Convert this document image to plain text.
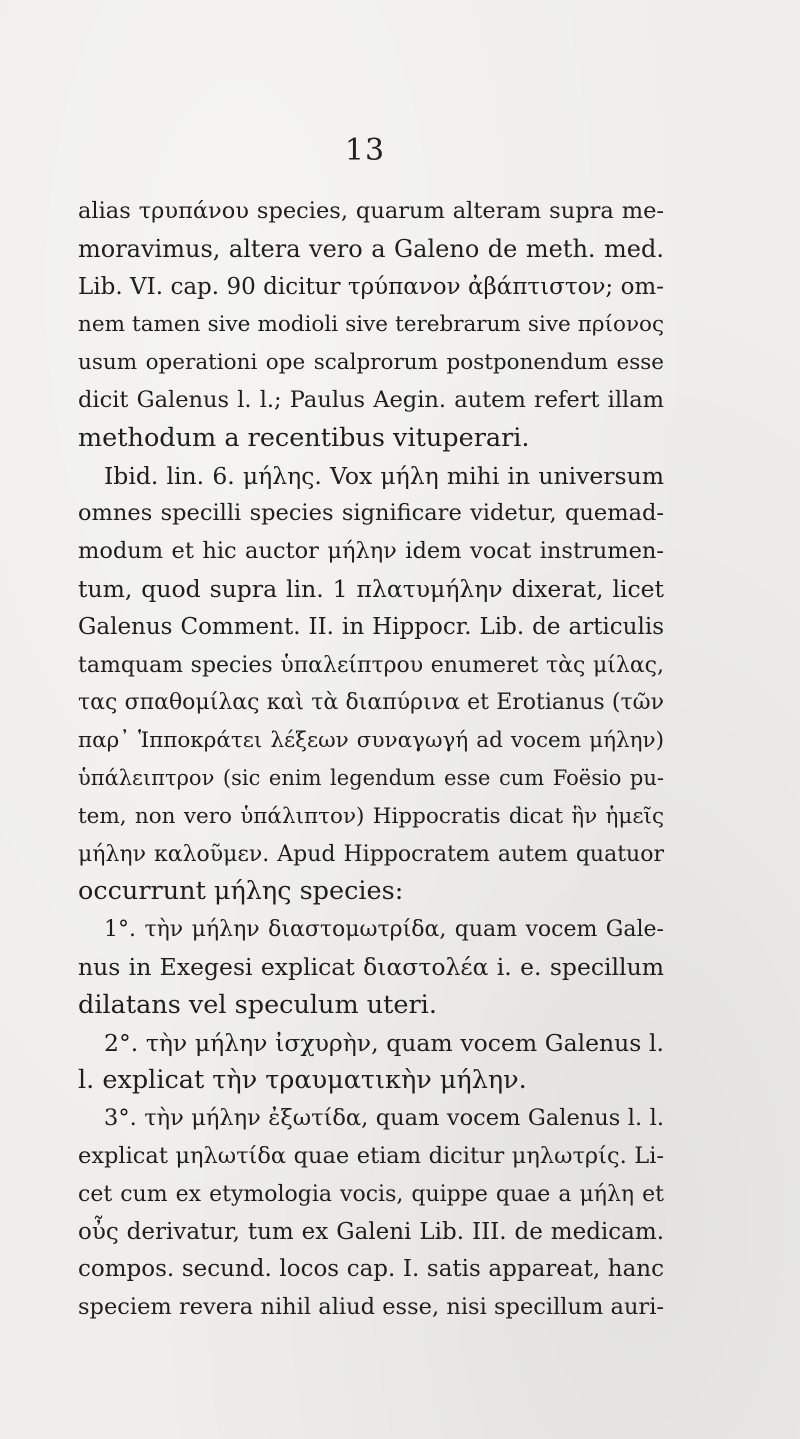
13
alias τρυπάνου species, quarum alteram supra me-
moravimus, altera vero a Galeno de meth. med.
Lib. VI. cap. 90 dicitur τρύπανον ἀβάπτιστον; om-
nem tamen sive modioli sive terebrarum sive πρίονος
usum operationi ope scalprorum postponendum esse
dicit Galenus l. l.; Paulus Aegin. autem refert illam
methodum a recentibus vituperari.
Ibid. lin. 6. μήλης. Vox μήλη mihi in universum
omnes specilli species significare videtur, quemad-
modum et hic auctor μήλην idem vocat instrumen-
tum, quod supra lin. 1 πλατυμήλην dixerat, licet
Galenus Comment. II. in Hippocr. Lib. de articulis
tamquam species ὑπαλείπτρου enumeret τὰς μίλας,
τας σπαθομίλας καὶ τὰ διαπύρινα et Erotianus (τῶν
παρ᾽ Ἱπποκράτει λέξεων συναγωγή ad vocem μήλην)
ὑπάλειπτρον (sic enim legendum esse cum Foësio pu-
tem, non vero ὑπάλιπτον) Hippocratis dicat ἣν ἡμεῖς
μήλην καλοῦμεν. Apud Hippocratem autem quatuor
occurrunt μήλης species:
1°. τὴν μήλην διαστομωτρίδα, quam vocem Gale-
nus in Exegesi explicat διαστολέα i. e. specillum
dilatans vel speculum uteri.
2°. τὴν μήλην ἰσχυρὴν, quam vocem Galenus l.
l. explicat τὴν τραυματικὴν μήλην.
3°. τὴν μήλην ἐξωτίδα, quam vocem Galenus l. l.
explicat μηλωτίδα quae etiam dicitur μηλωτρίς. Li-
cet cum ex etymologia vocis, quippe quae a μήλη et
οὖς derivatur, tum ex Galeni Lib. III. de medicam.
compos. secund. locos cap. I. satis appareat, hanc
speciem revera nihil aliud esse, nisi specillum auri-
